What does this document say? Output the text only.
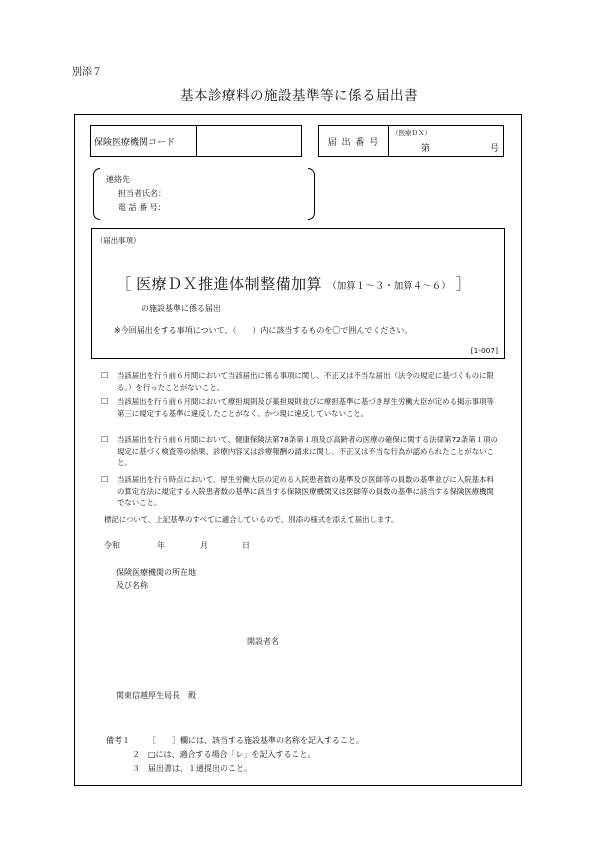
別添７
基本診療料の施設基準等に係る届出書
保険医療機関コード	届 出 番 号
（医療ＤＸ）
第	号
連絡先
担当者氏名：
電 話 番 号：
（届出事項）
［ 医療ＤＸ推進体制整備加算 （加算１～３・加算４～６） ］
の施設基準に係る届出
※今回届出をする事項について、（　　）内に該当するものを〇で囲んでください。
[1-007]
☐	当該届出を行う前６月間において当該届出に係る事項に関し、不正又は不当な届出（法令の規定に基づくものに限る。）を行ったことがないこと。

☐	当該届出を行う前６月間において療担規則及び薬担規則並びに療担基準に基づき厚生労働大臣が定める掲示事項等第三に規定する基準に違反したことがなく、かつ現に違反していないこと。

☐	当該届出を行う前６月間において、健康保険法第78条第１項及び高齢者の医療の確保に関する法律第72条第１項の規定に基づく検査等の結果、診療内容又は診療報酬の請求に関し、不正又は不当な行為が認められたことがないこと。

☐	当該届出を行う時点において、厚生労働大臣の定める入院患者数の基準及び医師等の員数の基準並びに入院基本料の算定方法に規定する入院患者数の基準に該当する保険医療機関又は医師等の員数の基準に該当する保険医療機関でないこと。

標記について、上記基準のすべてに適合しているので、別添の様式を添えて届出します。
令和	年	月	日
保険医療機関の所在地
及び名称
開設者名
関東信越厚生局長　殿
備考１ ［　　］欄には、該当する施設基準の名称を記入すること。
２ □には、適合する場合「レ」を記入すること。
３ 届出書は、１通提出のこと。
